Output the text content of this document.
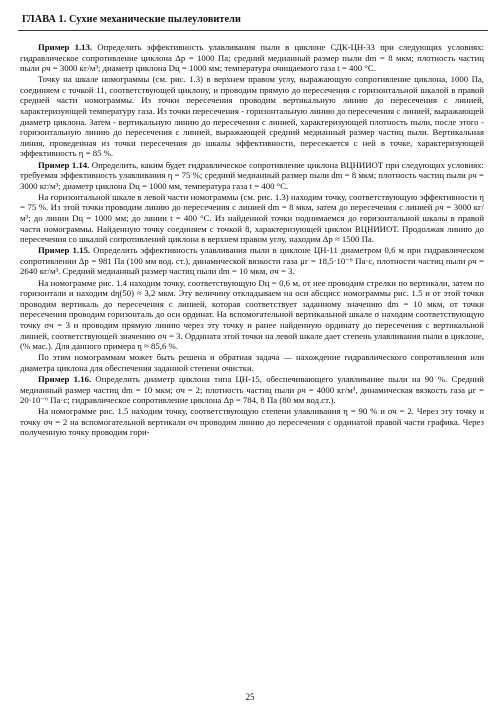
ГЛАВА 1. Сухие механические пылеуловители

Пример 1.13. Определить эффективность улавливания пыли в циклоне СДК-ЦН-33 при следующих условиях: гидравлическое сопротивление циклона Δp = 1000 Па; средний медианный размер пыли dm = 8 мкм; плотность частиц пыли ρч = 3000 кг/м³; диаметр циклона Dц = 1000 мм; температура очищаемого газа t = 400 °С.

Точку на шкале номограммы (см. рис. 1.3) в верхнем правом углу, выражающую сопротивление циклона, 1000 Па, соединяем с точкой 11, соответствующей циклону, и проводим прямую до пересечения с горизонтальной шкалой в правой средней части номограммы. Из точки пересечения проводим вертикальную линию до пересечения с линией, характеризующей температуру газа. Из точки пересечения - горизонтальную линию до пересечения с линией, выражающей диаметр циклона. Затем - вертикальную линию до пересечения с линией, характеризующей плотность пыли, после этого - горизонтальную линию до пересечения с линией, выражающей средний медианный размер частиц пыли. Вертикальная линия, проведенная из точки пересечения до шкалы эффективности, пересекается с ней в точке, характеризующей эффективность η = 85 %.

Пример 1.14. Определить, каким будет гидравлическое сопротивление циклона ВЦНИИОТ при следующих условиях: требуемая эффективность улавливания η = 75 %; средний медианный размер пыли dm = 8 мкм; плотность частиц пыли ρч = 3000 кг/м³; диаметр циклона Dц = 1000 мм, температура газа t = 400 °С.

На горизонтальной шкале в левой части номограммы (см. рис. 1.3) находим точку, соответствующую эффективности η = 75 %. Из этой точки проводим линию до пересечения с линией dm = 8 мкм, затем до пересечения с линией ρч = 3000 кг/м³; до линии Dц = 1000 мм; до линии t = 400 °С. Из найденной точки поднимаемся до горизонтальной шкалы в правой части номограммы. Найденную точку соединяем с точкой 8, характеризующей циклон ВЦНИИОТ. Продолжая линию до пересечения со шкалой сопротивлений циклона в верхнем правом углу, находим Δp ≈ 1500 Па.

Пример 1.15. Определить эффективность улавливания пыли в циклоне ЦН-11 диаметром 0,6 м при гидравлическом сопротивлении Δp = 981 Па (100 мм вод. ст.), динамической вязкости газа μг = 18,5·10⁻⁶ Па·с, плотности частиц пыли ρч = 2640 кг/м³. Средний медианный размер частиц пыли dm = 10 мкм, σч = 3.

На номограмме рис. 1.4 находим точку, соответствующую Dц = 0,6 м, от нее проводим стрелки по вертикали, затем по горизонтали и находим dη(50) ≈ 3,2 мкм. Эту величину откладываем на оси абсцисс номограммы рис. 1.5 и от этой точки проводим вертикаль до пересечения с линией, которая соответствует заданному значению dm = 10 мкм, от точки пересечения проводим горизонталь до оси ординат. На вспомогательной вертикальной шкале σ находим соответствующую точку σч = 3 и проводим прямую линию через эту точку и ранее найденную ординату до пересечения с вертикальной линией, соответствующей значению σч = 3. Ордината этой точки на левой шкале дает степень улавливания пыли в циклоне, (% мас.). Для данного примера η ≈ 85,6 %.

По этим номограммам может быть решена и обратная задача — нахождение гидравлического сопротивления или диаметра циклона для обеспечения заданной степени очистки.

Пример 1.16. Определить диаметр циклона типа ЦН-15, обеспечивающего улавливание пыли на 90 %. Средний медианный размер частиц dm = 10 мкм; σч = 2; плотность частиц пыли ρч = 4000 кг/м³, динамическая вязкость газа μг = 20·10⁻⁶ Па·с; гидравлическое сопротивление циклона Δp = 784, 8 Па (80 мм вод.ст.).

На номограмме рис. 1.5 находим точку, соответствующую степени улавливания η = 90 % и σч = 2. Через эту точку и точку σч = 2 на вспомогательной вертикали σч проводим линию до пересечения с ординатой правой части графика. Через полученную точку проводим гори-

25
